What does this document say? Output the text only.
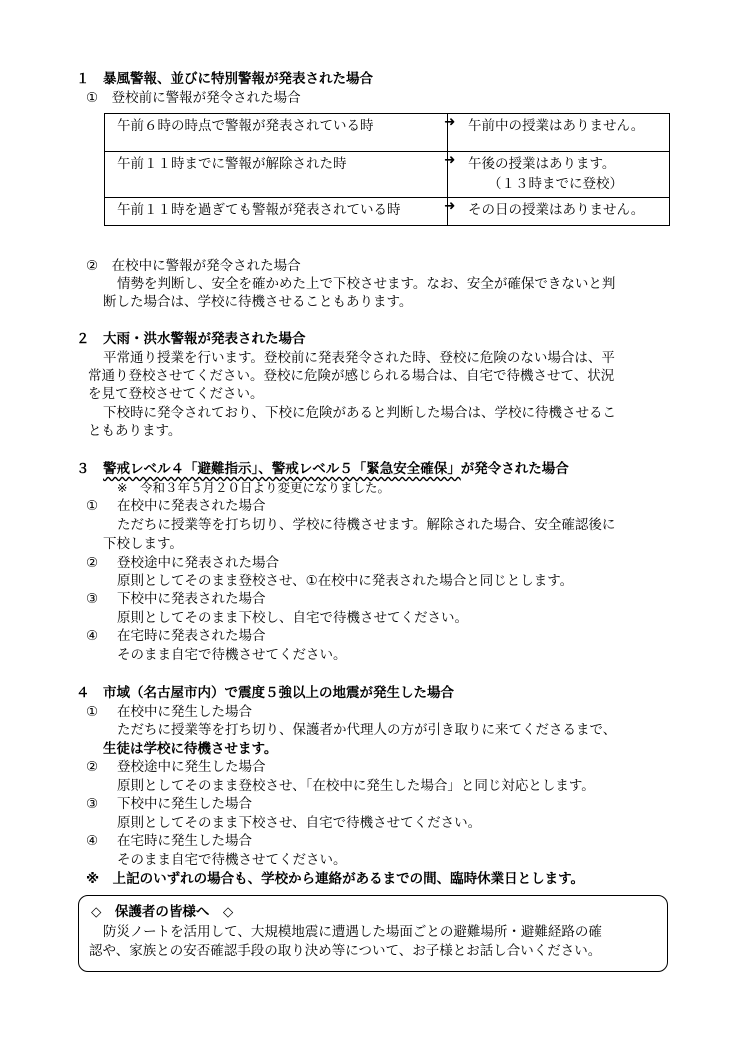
１　暴風警報、並びに特別警報が発表された場合
①　登校前に警報が発令された場合
午前６時の時点で警報が発表されている時	➜ 午前中の授業はありません。
午前１１時までに警報が解除された時	➜ 午後の授業はあります。
（１３時までに登校）

午前１１時を過ぎても警報が発表されている時	➜ その日の授業はありません。
②　在校中に警報が発令された場合
情勢を判断し、安全を確かめた上で下校させます。なお、安全が確保できないと判
断した場合は、学校に待機させることもあります。
２　大雨・洪水警報が発表された場合
平常通り授業を行います。登校前に発表発令された時、登校に危険のない場合は、平
常通り登校させてください。登校に危険が感じられる場合は、自宅で待機させて、状況
を見て登校させてください。
下校時に発令されており、下校に危険があると判断した場合は、学校に待機させるこ
ともあります。
３　警戒レベル４「避難指示」、警戒レベル５「緊急安全確保」が発令された場合
※　令和３年５月２０日より変更になりました。
① 在校中に発表された場合
ただちに授業等を打ち切り、学校に待機させます。解除された場合、安全確認後に
下校します。
② 登校途中に発表された場合
原則としてそのまま登校させ、①在校中に発表された場合と同じとします。
③ 下校中に発表された場合
原則としてそのまま下校し、自宅で待機させてください。
④ 在宅時に発表された場合
そのまま自宅で待機させてください。
４　市域（名古屋市内）で震度５強以上の地震が発生した場合
① 在校中に発生した場合
ただちに授業等を打ち切り、保護者か代理人の方が引き取りに来てくださるまで、
生徒は学校に待機させます。
② 登校途中に発生した場合
原則としてそのまま登校させ、「在校中に発生した場合」と同じ対応とします。
③ 下校中に発生した場合
原則としてそのまま下校させ、自宅で待機させてください。
④ 在宅時に発生した場合
そのまま自宅で待機させてください。
※　上記のいずれの場合も、学校から連絡があるまでの間、臨時休業日とします。
◇　保護者の皆様へ　◇
防災ノートを活用して、大規模地震に遭遇した場面ごとの避難場所・避難経路の確
認や、家族との安否確認手段の取り決め等について、お子様とお話し合いください。
